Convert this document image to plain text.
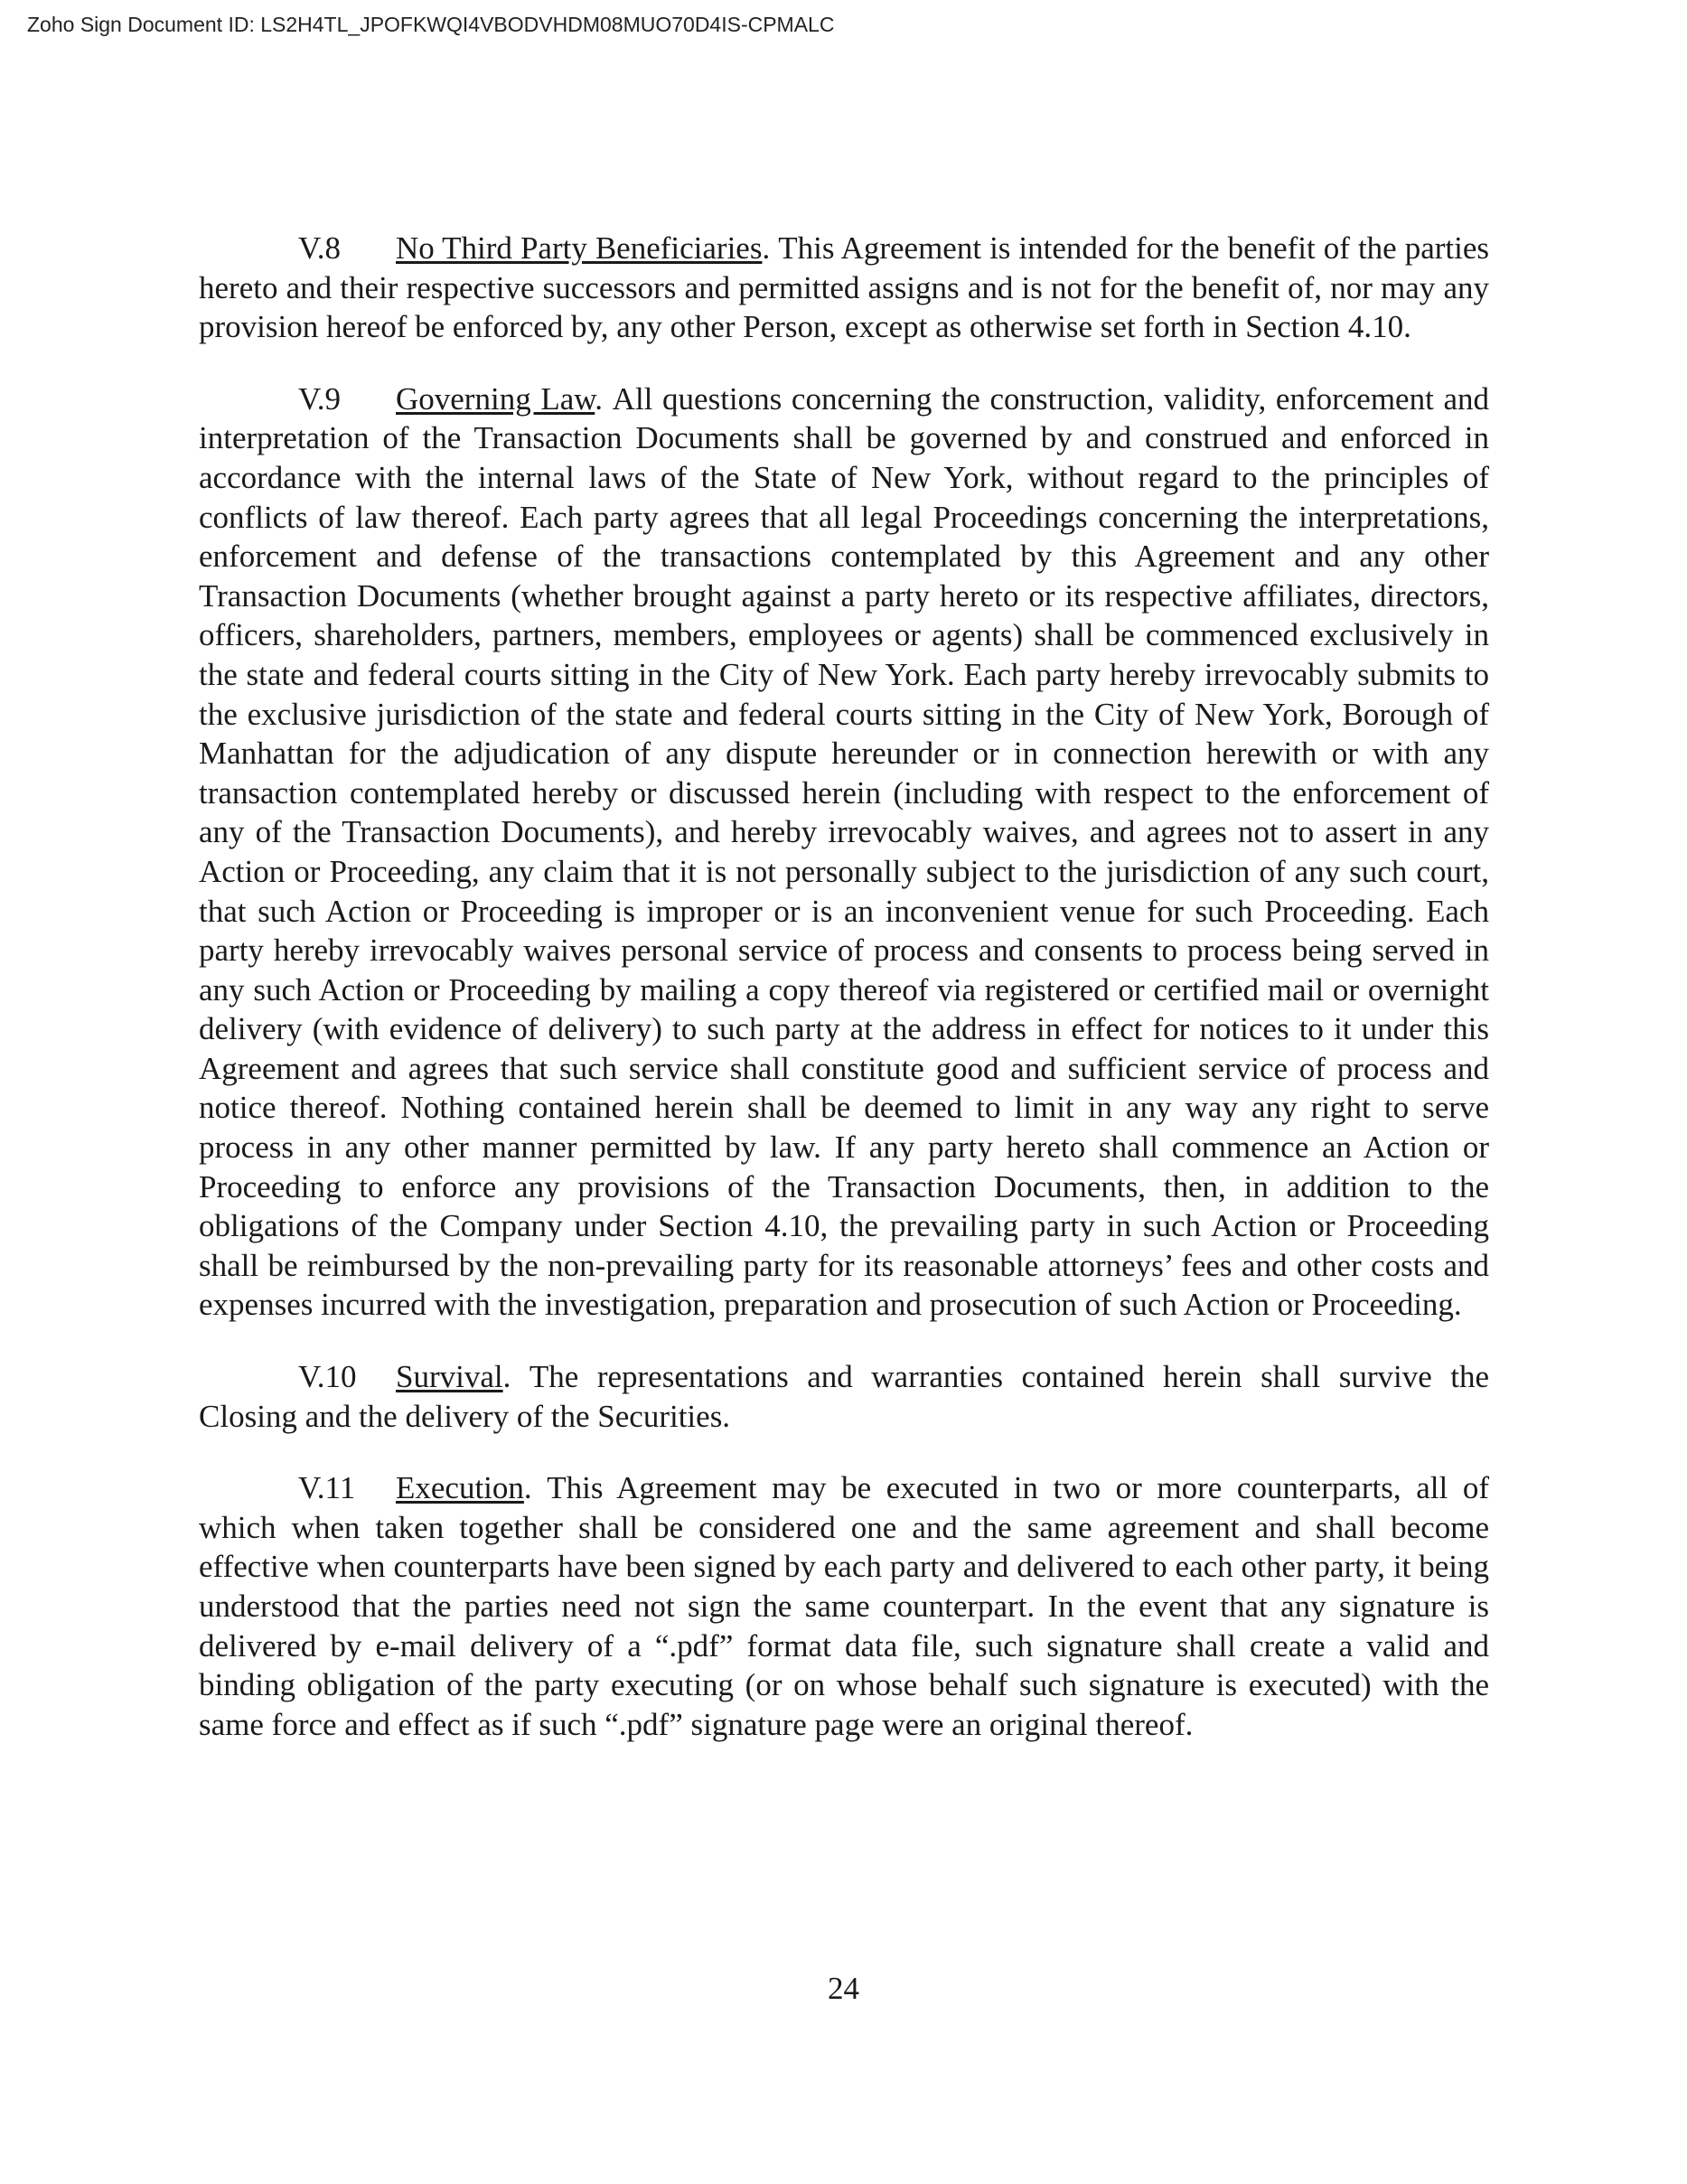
Zoho Sign Document ID: LS2H4TL_JPOFKWQI4VBODVHDM08MUO70D4IS-CPMALC

V.8 No Third Party Beneficiaries. This Agreement is intended for the benefit of the parties hereto and their respective successors and permitted assigns and is not for the benefit of, nor may any provision hereof be enforced by, any other Person, except as otherwise set forth in Section 4.10.

V.9 Governing Law. All questions concerning the construction, validity, enforcement and interpretation of the Transaction Documents shall be governed by and construed and enforced in accordance with the internal laws of the State of New York, without regard to the principles of conflicts of law thereof. Each party agrees that all legal Proceedings concerning the interpretations, enforcement and defense of the transactions contemplated by this Agreement and any other Transaction Documents (whether brought against a party hereto or its respective affiliates, directors, officers, shareholders, partners, members, employees or agents) shall be commenced exclusively in the state and federal courts sitting in the City of New York. Each party hereby irrevocably submits to the exclusive jurisdiction of the state and federal courts sitting in the City of New York, Borough of Manhattan for the adjudication of any dispute hereunder or in connection herewith or with any transaction contemplated hereby or discussed herein (including with respect to the enforcement of any of the Transaction Documents), and hereby irrevocably waives, and agrees not to assert in any Action or Proceeding, any claim that it is not personally subject to the jurisdiction of any such court, that such Action or Proceeding is improper or is an inconvenient venue for such Proceeding. Each party hereby irrevocably waives personal service of process and consents to process being served in any such Action or Proceeding by mailing a copy thereof via registered or certified mail or overnight delivery (with evidence of delivery) to such party at the address in effect for notices to it under this Agreement and agrees that such service shall constitute good and sufficient service of process and notice thereof. Nothing contained herein shall be deemed to limit in any way any right to serve process in any other manner permitted by law. If any party hereto shall commence an Action or Proceeding to enforce any provisions of the Transaction Documents, then, in addition to the obligations of the Company under Section 4.10, the prevailing party in such Action or Proceeding shall be reimbursed by the non-prevailing party for its reasonable attorneys’ fees and other costs and expenses incurred with the investigation, preparation and prosecution of such Action or Proceeding.

V.10 Survival. The representations and warranties contained herein shall survive the Closing and the delivery of the Securities.

V.11 Execution. This Agreement may be executed in two or more counterparts, all of which when taken together shall be considered one and the same agreement and shall become effective when counterparts have been signed by each party and delivered to each other party, it being understood that the parties need not sign the same counterpart. In the event that any signature is delivered by e-mail delivery of a “.pdf” format data file, such signature shall create a valid and binding obligation of the party executing (or on whose behalf such signature is executed) with the same force and effect as if such “.pdf” signature page were an original thereof.

24
